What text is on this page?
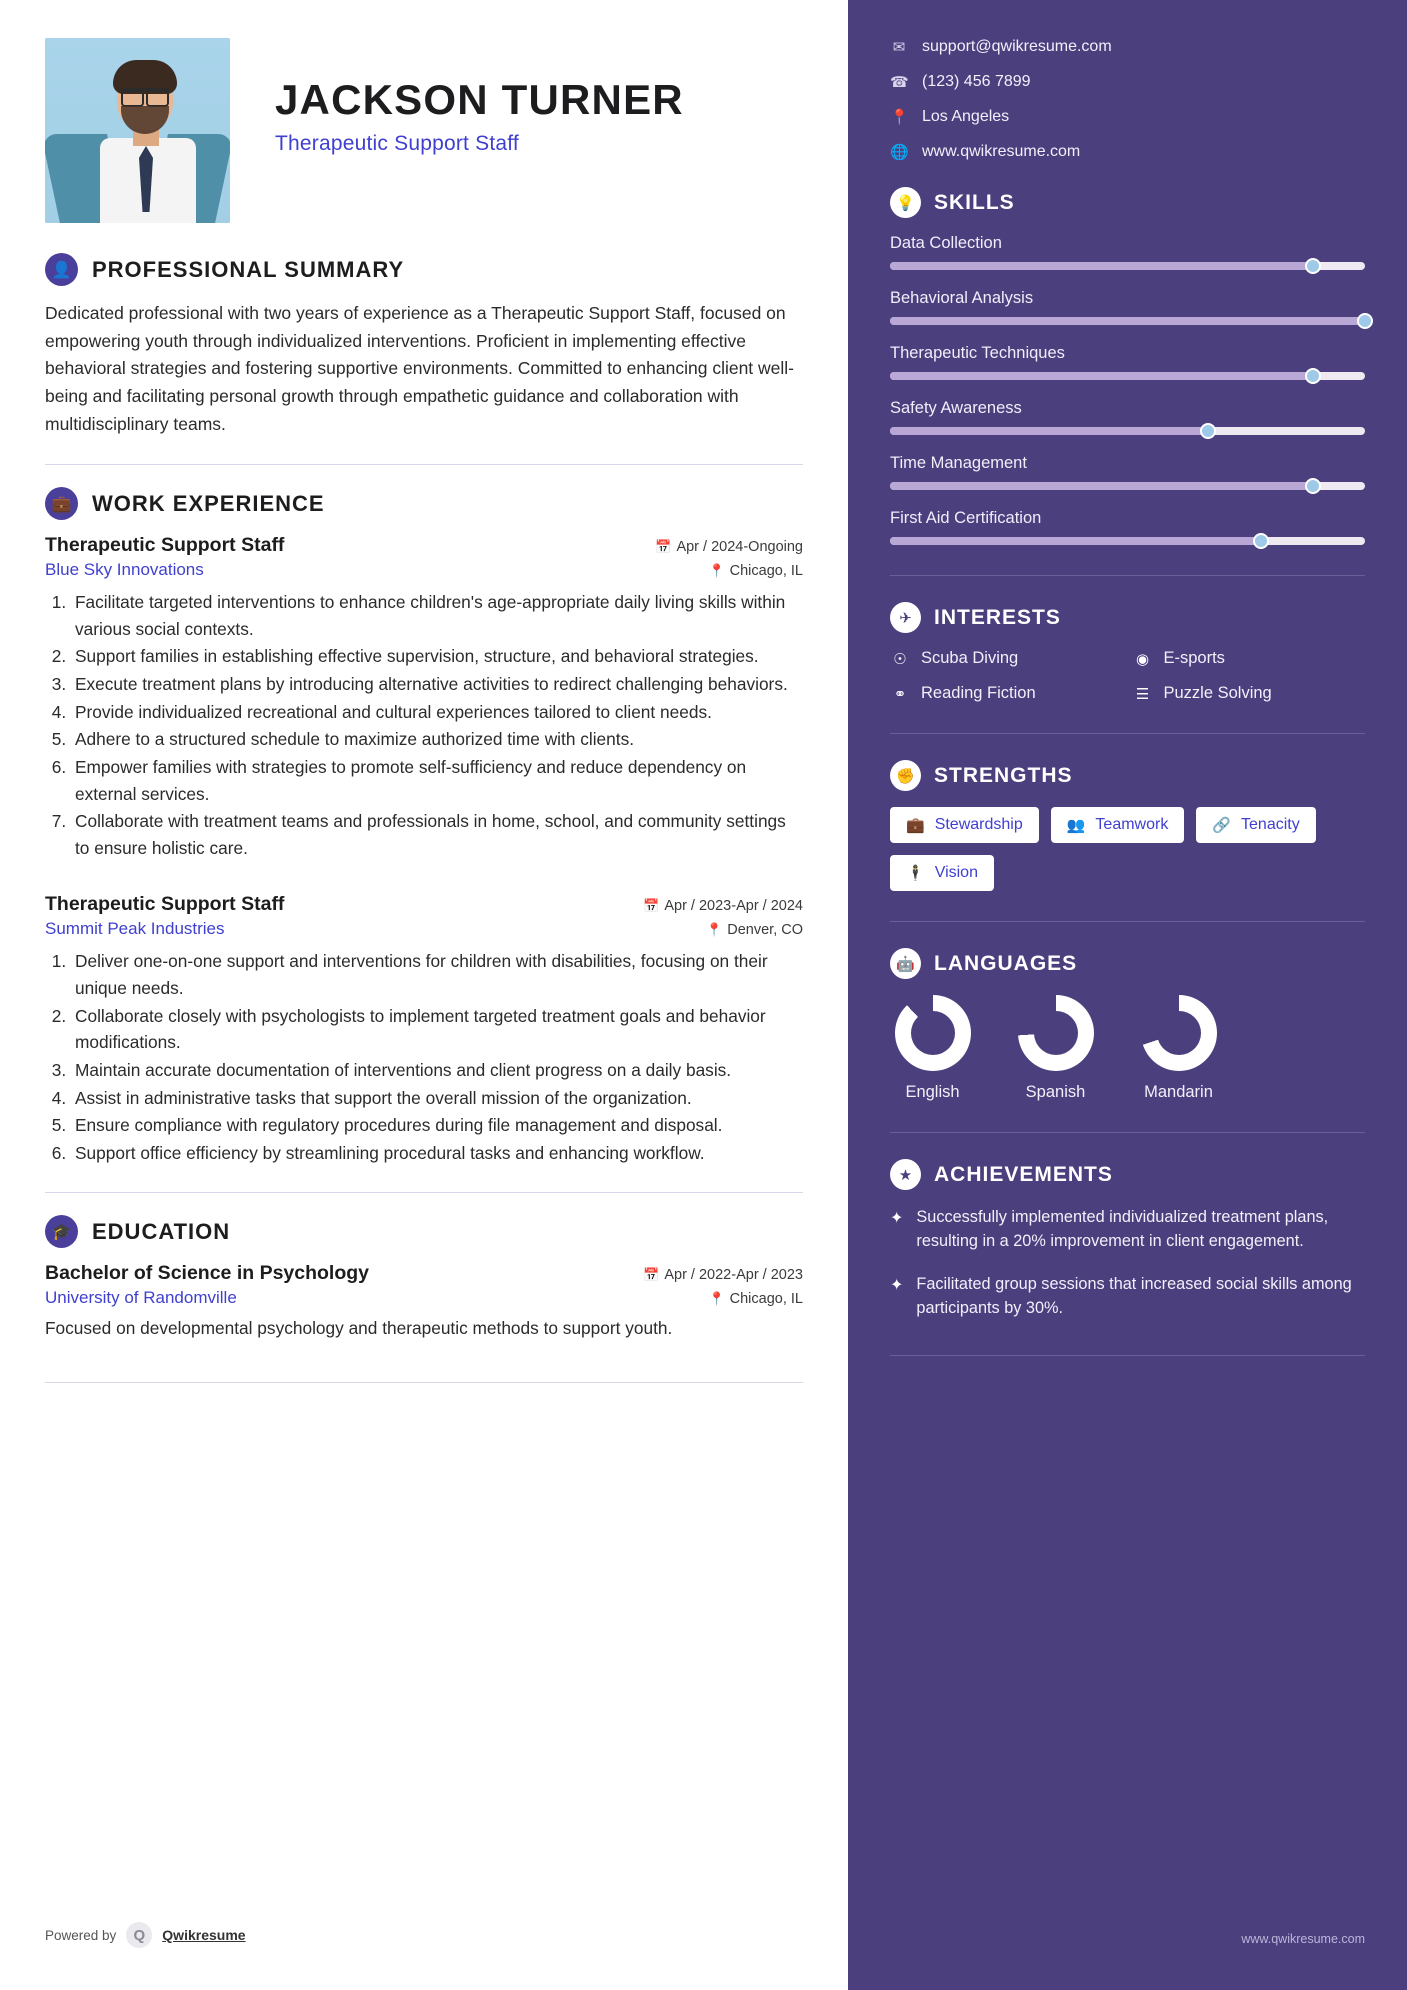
JACKSON TURNER
Therapeutic Support Staff
👤 PROFESSIONAL SUMMARY
Dedicated professional with two years of experience as a Therapeutic Support Staff, focused on empowering youth through individualized interventions. Proficient in implementing effective behavioral strategies and fostering supportive environments. Committed to enhancing client well-being and facilitating personal growth through empathetic guidance and collaboration with multidisciplinary teams.
💼 WORK EXPERIENCE
Therapeutic Support Staff	📅 Apr / 2024-Ongoing
Blue Sky Innovations	📍 Chicago, IL
1. Facilitate targeted interventions to enhance children's age-appropriate daily living skills within various social contexts.
2. Support families in establishing effective supervision, structure, and behavioral strategies.
3. Execute treatment plans by introducing alternative activities to redirect challenging behaviors.
4. Provide individualized recreational and cultural experiences tailored to client needs.
5. Adhere to a structured schedule to maximize authorized time with clients.
6. Empower families with strategies to promote self-sufficiency and reduce dependency on external services.
7. Collaborate with treatment teams and professionals in home, school, and community settings to ensure holistic care.
Therapeutic Support Staff	📅 Apr / 2023-Apr / 2024
Summit Peak Industries	📍 Denver, CO
1. Deliver one-on-one support and interventions for children with disabilities, focusing on their unique needs.
2. Collaborate closely with psychologists to implement targeted treatment goals and behavior modifications.
3. Maintain accurate documentation of interventions and client progress on a daily basis.
4. Assist in administrative tasks that support the overall mission of the organization.
5. Ensure compliance with regulatory procedures during file management and disposal.
6. Support office efficiency by streamlining procedural tasks and enhancing workflow.
🎓 EDUCATION
Bachelor of Science in Psychology	📅 Apr / 2022-Apr / 2023
University of Randomville	📍 Chicago, IL
Focused on developmental psychology and therapeutic methods to support youth.
Powered by	Q	Qwikresume
✉ support@qwikresume.com
☎ (123) 456 7899
📍 Los Angeles
🌐 www.qwikresume.com
💡 SKILLS
Data Collection
Behavioral Analysis
Therapeutic Techniques
Safety Awareness
Time Management
First Aid Certification
✈	INTERESTS
☉ Scuba Diving	◉ E-sports
⚭ Reading Fiction	☰ Puzzle Solving
✊ STRENGTHS
💼 Stewardship	👥 Teamwork	🔗 Tenacity
🕴 Vision
🤖 LANGUAGES
English	Spanish	Mandarin
★	ACHIEVEMENTS
✦ Successfully implemented individualized treatment plans, resulting in a 20% improvement in client engagement.
✦ Facilitated group sessions that increased social skills among participants by 30%.
www.qwikresume.com
